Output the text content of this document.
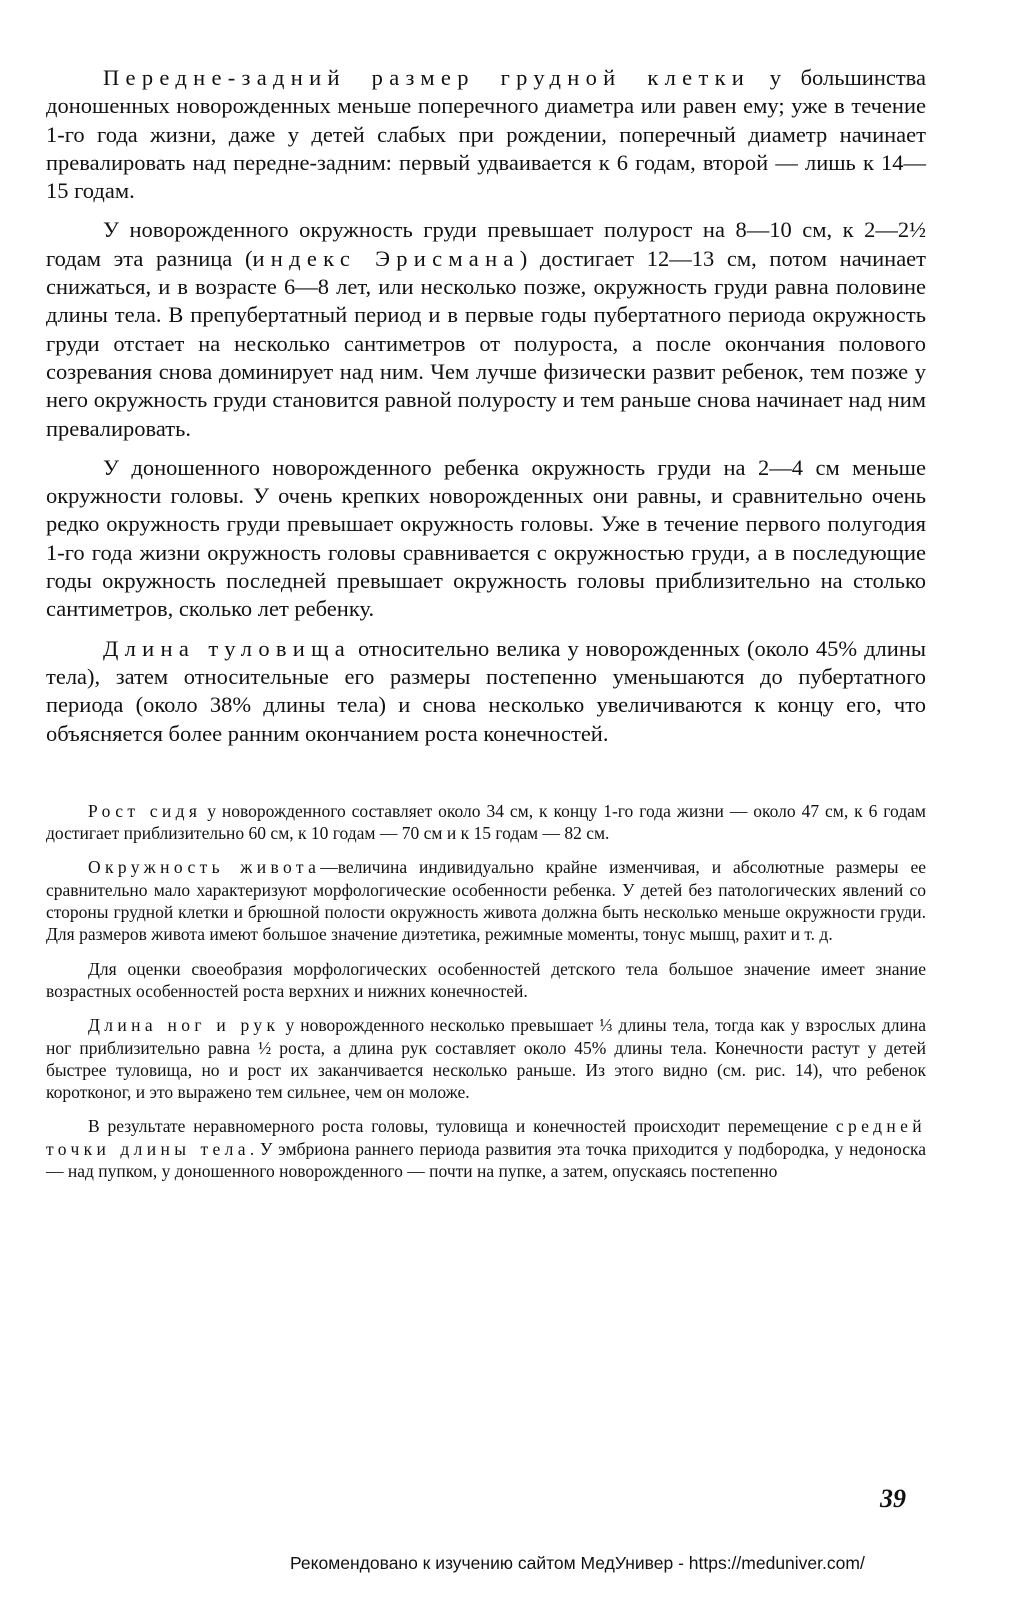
Передне-задний размер грудной клетки у большинства доношенных новорожденных меньше поперечного диаметра или равен ему; уже в течение 1-го года жизни, даже у детей слабых при рождении, поперечный диаметр начинает превалировать над передне-задним: первый удваивается к 6 годам, второй — лишь к 14—15 годам.

У новорожденного окружность груди превышает полурост на 8—10 см, к 2—2½ годам эта разница (индекс Эрисмана) достигает 12—13 см, потом начинает снижаться, и в возрасте 6—8 лет, или несколько позже, окружность груди равна половине длины тела. В препубертатный период и в первые годы пубертатного периода окружность груди отстает на несколько сантиметров от полуроста, а после окончания полового созревания снова доминирует над ним. Чем лучше физически развит ребенок, тем позже у него окружность груди становится равной полуросту и тем раньше снова начинает над ним превалировать.

У доношенного новорожденного ребенка окружность груди на 2—4 см меньше окружности головы. У очень крепких новорожденных они равны, и сравнительно очень редко окружность груди превышает окружность головы. Уже в течение первого полугодия 1-го года жизни окружность головы сравнивается с окружностью груди, а в последующие годы окружность последней превышает окружность головы приблизительно на столько сантиметров, сколько лет ребенку.

Длина туловища относительно велика у новорожденных (около 45% длины тела), затем относительные его размеры постепенно уменьшаются до пубертатного периода (около 38% длины тела) и снова несколько увеличиваются к концу его, что объясняется более ранним окончанием роста конечностей.

Рост сидя у новорожденного составляет около 34 см, к концу 1-го года жизни — около 47 см, к 6 годам достигает приблизительно 60 см, к 10 годам — 70 см и к 15 годам — 82 см.

Окружность живота—величина индивидуально крайне изменчивая, и абсолютные размеры ее сравнительно мало характеризуют морфологические особенности ребенка. У детей без патологических явлений со стороны грудной клетки и брюшной полости окружность живота должна быть несколько меньше окружности груди. Для размеров живота имеют большое значение диэтетика, режимные моменты, тонус мышц, рахит и т. д.

Для оценки своеобразия морфологических особенностей детского тела большое значение имеет знание возрастных особенностей роста верхних и нижних конечностей.

Длина ног и рук у новорожденного несколько превышает ⅓ длины тела, тогда как у взрослых длина ног приблизительно равна ½ роста, а длина рук составляет около 45% длины тела. Конечности растут у детей быстрее туловища, но и рост их заканчивается несколько раньше. Из этого видно (см. рис. 14), что ребенок коротконог, и это выражено тем сильнее, чем он моложе.

В результате неравномерного роста головы, туловища и конечностей происходит перемещение средней точки длины тела. У эмбриона раннего периода развития эта точка приходится у подбородка, у недоноска — над пупком, у доношенного новорожденного — почти на пупке, а затем, опускаясь постепенно

39
Рекомендовано к изучению сайтом МедУнивер - https://meduniver.com/
